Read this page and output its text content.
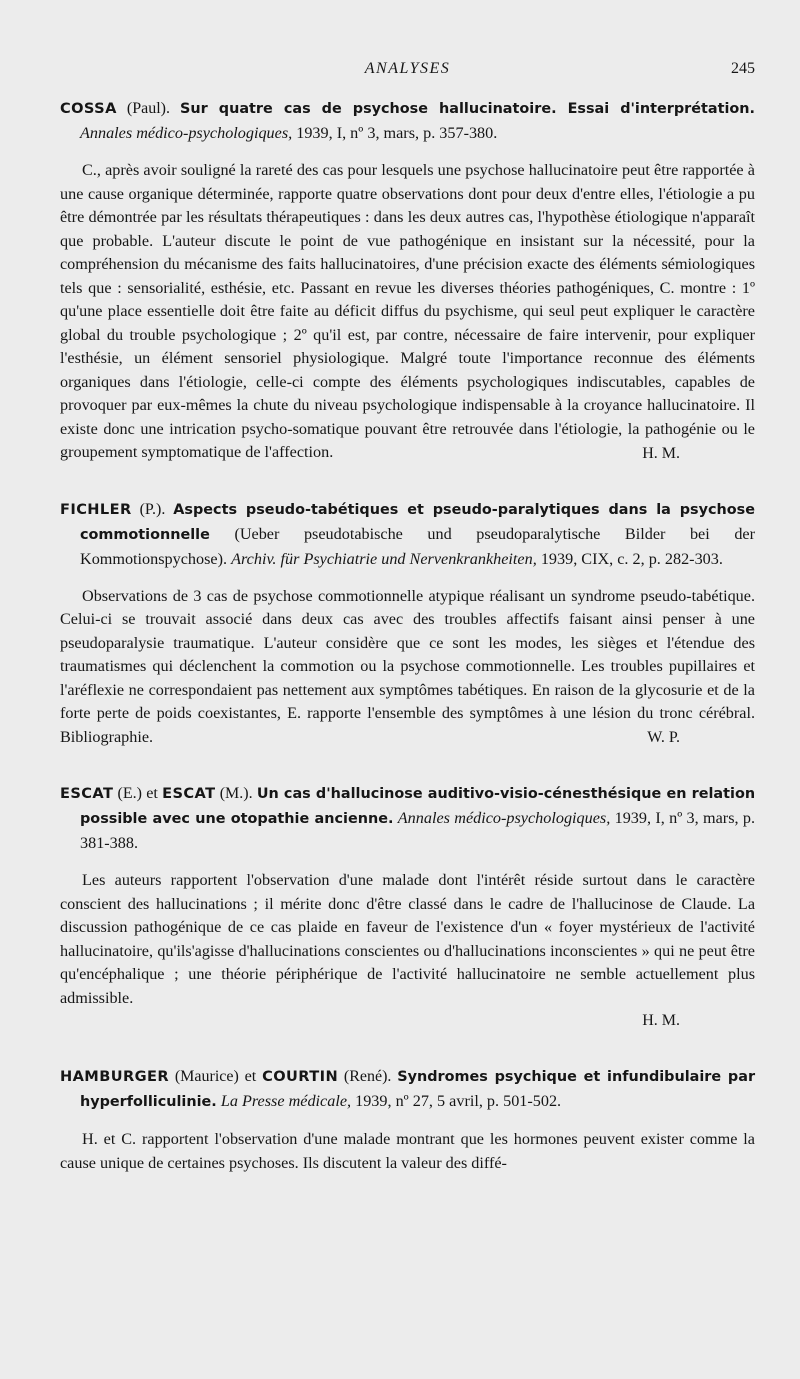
ANALYSES	245
COSSA (Paul). Sur quatre cas de psychose hallucinatoire. Essai d'interprétation. Annales médico-psychologiques, 1939, I, nº 3, mars, p. 357-380.
C., après avoir souligné la rareté des cas pour lesquels une psychose hallucinatoire peut être rapportée à une cause organique déterminée, rapporte quatre observations dont pour deux d'entre elles, l'étiologie a pu être démontrée par les résultats thérapeutiques : dans les deux autres cas, l'hypothèse étiologique n'apparaît que probable. L'auteur discute le point de vue pathogénique en insistant sur la nécessité, pour la compréhension du mécanisme des faits hallucinatoires, d'une précision exacte des éléments sémiologiques tels que : sensorialité, esthésie, etc. Passant en revue les diverses théories pathogéniques, C. montre : 1º qu'une place essentielle doit être faite au déficit diffus du psychisme, qui seul peut expliquer le caractère global du trouble psychologique ; 2º qu'il est, par contre, nécessaire de faire intervenir, pour expliquer l'esthésie, un élément sensoriel physiologique. Malgré toute l'importance reconnue des éléments organiques dans l'étiologie, celle-ci compte des éléments psychologiques indiscutables, capables de provoquer par eux-mêmes la chute du niveau psychologique indispensable à la croyance hallucinatoire. Il existe donc une intrication psycho-somatique pouvant être retrouvée dans l'étiologie, la pathogénie ou le groupement symptomatique de l'affection.	H. M.
FICHLER (P.). Aspects pseudo-tabétiques et pseudo-paralytiques dans la psychose commotionnelle (Ueber pseudotabische und pseudoparalytische Bilder bei der Kommotionspychose). Archiv. für Psychiatrie und Nervenkrankheiten, 1939, CIX, c. 2, p. 282-303.
Observations de 3 cas de psychose commotionnelle atypique réalisant un syndrome pseudo-tabétique. Celui-ci se trouvait associé dans deux cas avec des troubles affectifs faisant ainsi penser à une pseudoparalysie traumatique. L'auteur considère que ce sont les modes, les sièges et l'étendue des traumatismes qui déclenchent la commotion ou la psychose commotionnelle. Les troubles pupillaires et l'aréflexie ne correspondaient pas nettement aux symptômes tabétiques. En raison de la glycosurie et de la forte perte de poids coexistantes, E. rapporte l'ensemble des symptômes à une lésion du tronc cérébral. Bibliographie.	W. P.
ESCAT (E.) et ESCAT (M.). Un cas d'hallucinose auditivo-visio-cénesthésique en relation possible avec une otopathie ancienne. Annales médico-psychologiques, 1939, I, nº 3, mars, p. 381-388.
Les auteurs rapportent l'observation d'une malade dont l'intérêt réside surtout dans le caractère conscient des hallucinations ; il mérite donc d'être classé dans le cadre de l'hallucinose de Claude. La discussion pathogénique de ce cas plaide en faveur de l'existence d'un « foyer mystérieux de l'activité hallucinatoire, qu'ils'agisse d'hallucinations conscientes ou d'hallucinations inconscientes » qui ne peut être qu'encéphalique ; une théorie périphérique de l'activité hallucinatoire ne semble actuellement plus admissible.
H. M.
HAMBURGER (Maurice) et COURTIN (René). Syndromes psychique et infundibulaire par hyperfolliculinie. La Presse médicale, 1939, nº 27, 5 avril, p. 501-502.
H. et C. rapportent l'observation d'une malade montrant que les hormones peuvent exister comme la cause unique de certaines psychoses. Ils discutent la valeur des diffé-
